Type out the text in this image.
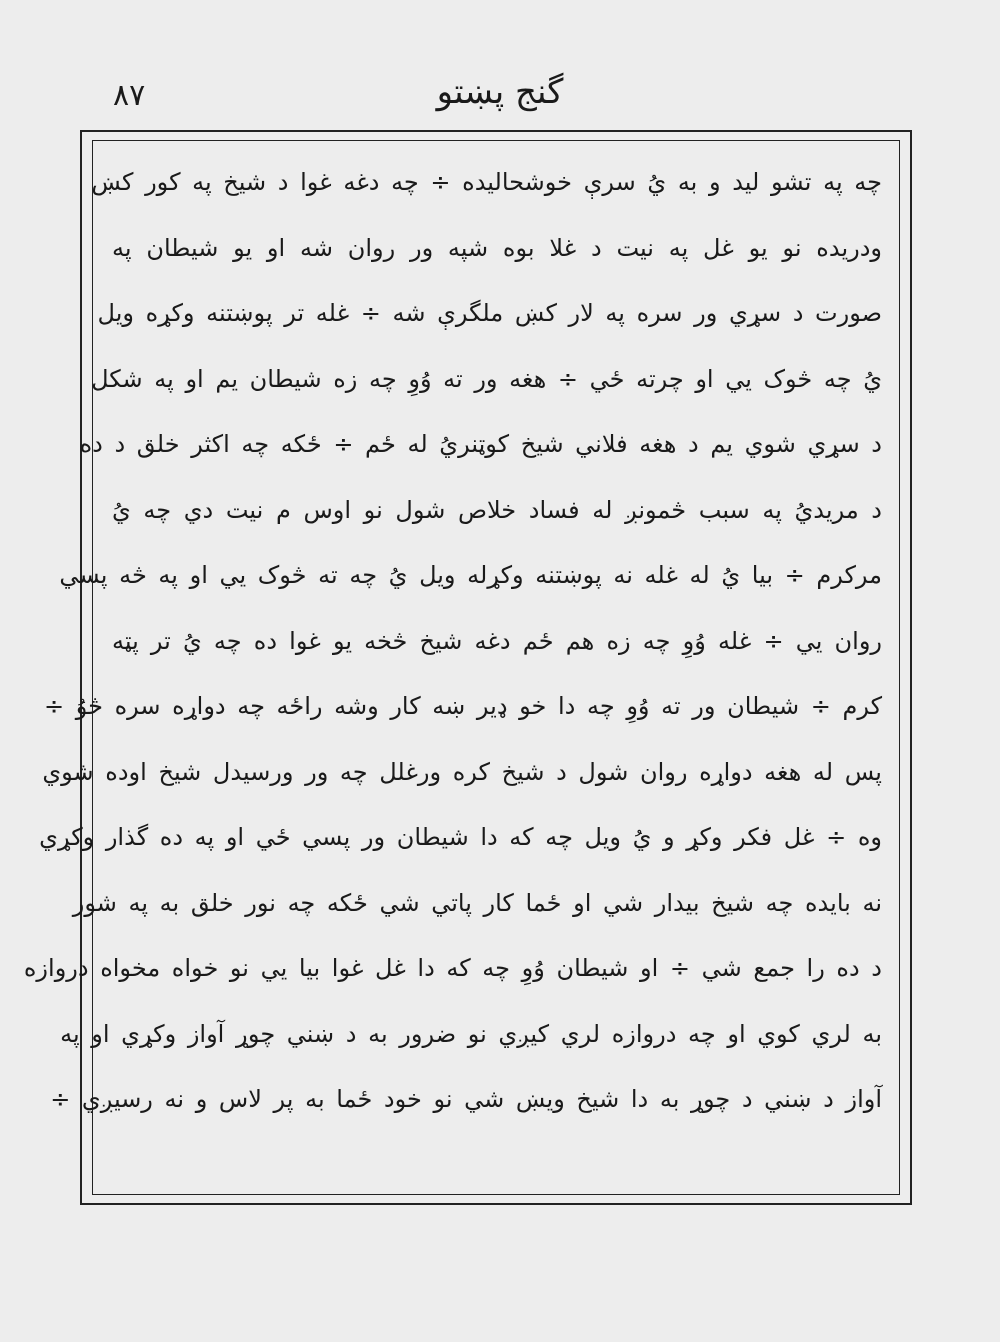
٨٧	گنج پښتو
چه په تشو ليد و به يُ سرې خوشحاليده ÷ چه دغه غوا د شيخ په کور کښ
ودريده نو يو غل په نيت د غلا بوه شپه ور روان شه او يو شيطان په
صورت د سړي ور سره په لار کښ ملگرې شه ÷ غله تر پوښتنه وکړه ويل
يُ چه څوک يي او چرته ځي ÷ هغه ور ته وُوِ چه زه شيطان يم او په شکل
د سړي شوي يم د هغه فلاني شيخ کوټنريُ له ځم ÷ ځکه چه اکثر خلق د ده
د مريديُ په سبب څمونږ له فساد خلاص شول نو اوس م نيت دي چه يُ
مرکرم ÷ بيا يُ له غله نه پوښتنه وکړله ويل يُ چه ته څوک يي او په څه پسي
روان يي ÷ غله وُوِ چه زه هم ځم دغه شيخ څخه يو غوا ده چه يُ تر پټه
کرم ÷ شيطان ور ته وُوِ چه دا خو ډير ښه کار وشه راځه چه دواړه سره څوُ ÷
پس له هغه دواړه روان شول د شيخ کره ورغلل چه ور ورسيدل شيخ اوده شوي
وه ÷ غل فکر وکړ و يُ ويل چه که دا شيطان ور پسي ځي او په ده گذار وکړي
نه بايده چه شيخ بيدار شي او ځما کار پاتي شي ځکه چه نور خلق به په شور
د ده را جمع شي ÷ او شيطان وُوِ چه که دا غل غوا بيا يي نو خواه مخواه دروازه
به لري کوي او چه دروازه لري کيږي نو ضرور به د ښني چوړ آواز وکړي او په
آواز د ښني د چوړ به دا شيخ ويښ شي نو خود ځما به پر لاس و نه رسيږي ÷
